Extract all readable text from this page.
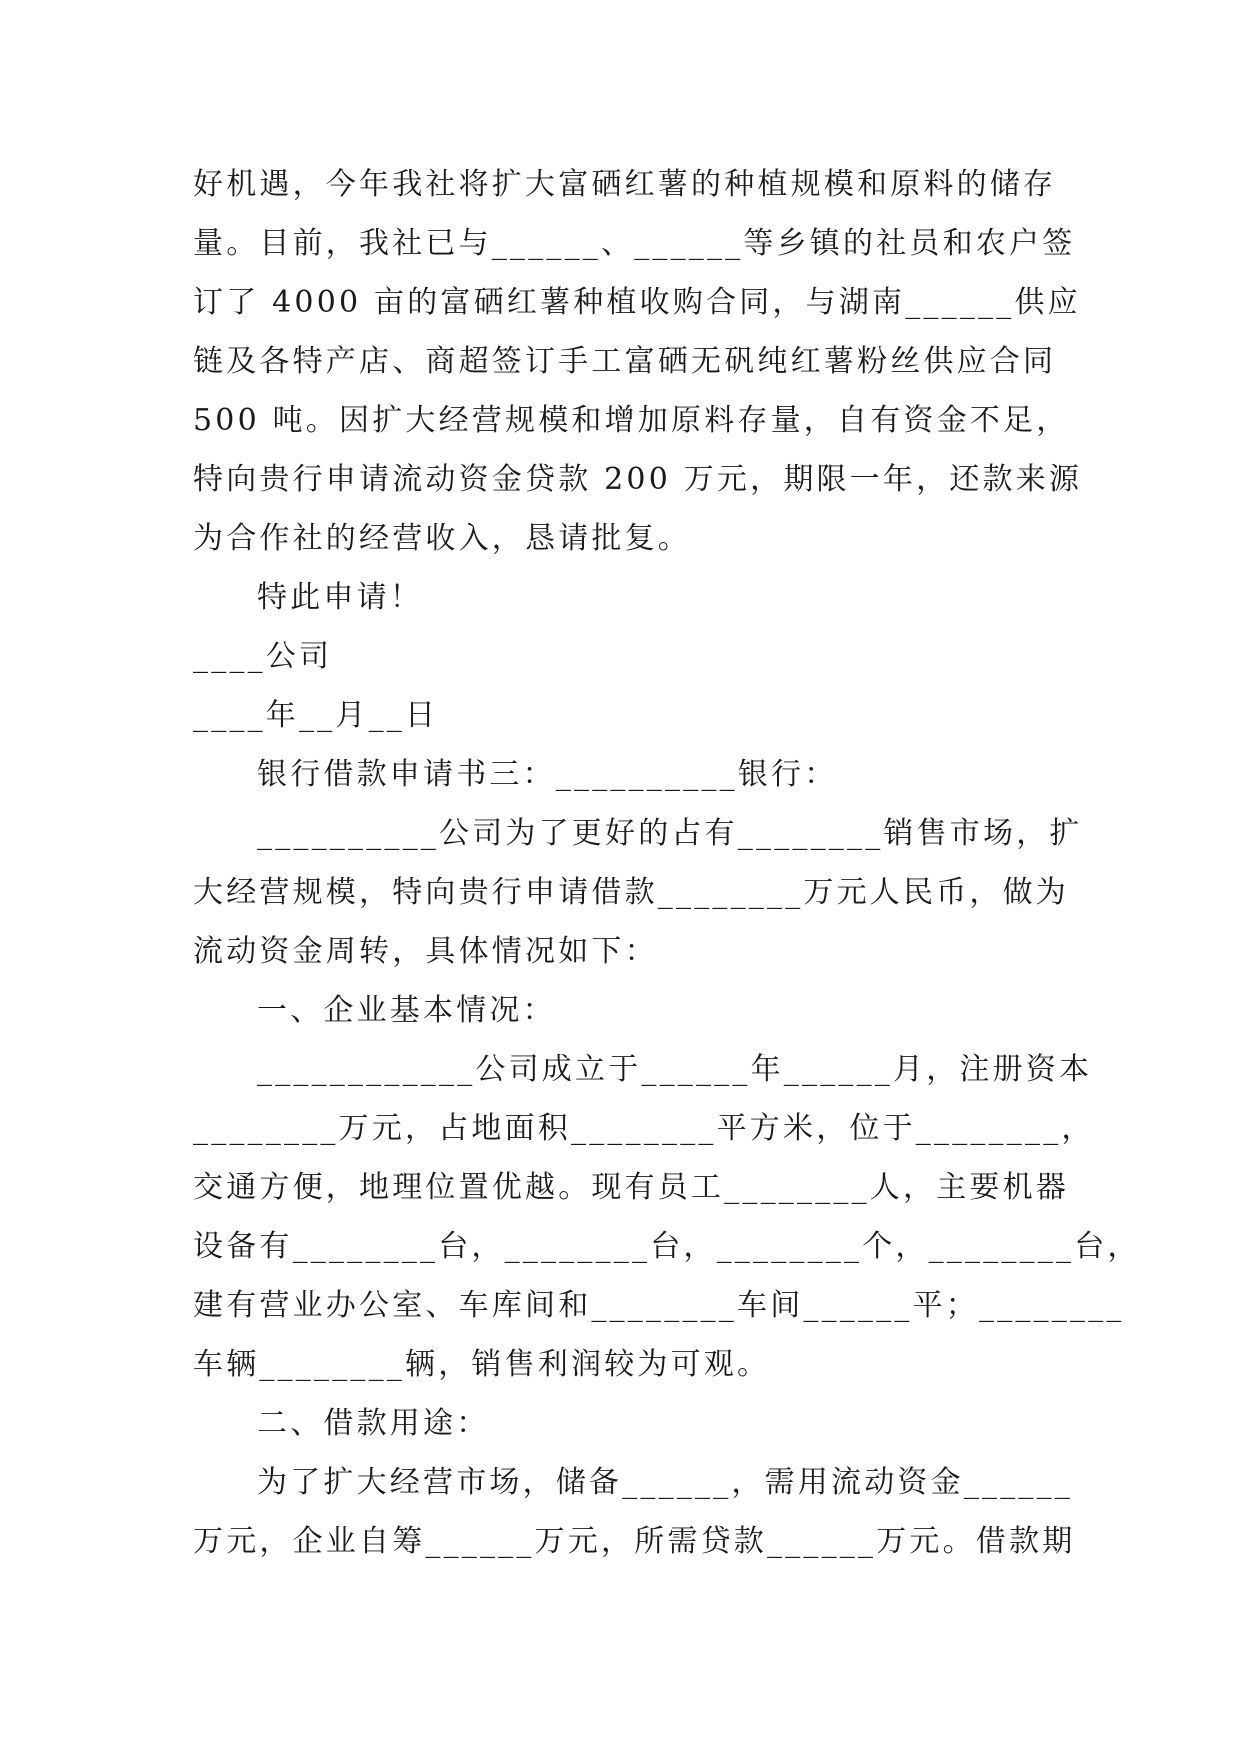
好机遇，今年我社将扩大富硒红薯的种植规模和原料的储存
量。目前，我社已与______、______等乡镇的社员和农户签
订了 4000 亩的富硒红薯种植收购合同，与湖南______供应
链及各特产店、商超签订手工富硒无矾纯红薯粉丝供应合同
500 吨。因扩大经营规模和增加原料存量，自有资金不足，
特向贵行申请流动资金贷款 200 万元，期限一年，还款来源
为合作社的经营收入，恳请批复。
特此申请！
____公司
____年__月__日
银行借款申请书三：__________银行：
__________公司为了更好的占有________销售市场，扩
大经营规模，特向贵行申请借款________万元人民币，做为
流动资金周转，具体情况如下：
一、企业基本情况：
____________公司成立于______年______月，注册资本
________万元，占地面积________平方米，位于________，
交通方便，地理位置优越。现有员工________人，主要机器
设备有________台，________台，________个，________台，
建有营业办公室、车库间和________车间______平；________
车辆________辆，销售利润较为可观。
二、借款用途：
为了扩大经营市场，储备______，需用流动资金______
万元，企业自筹______万元，所需贷款______万元。借款期
